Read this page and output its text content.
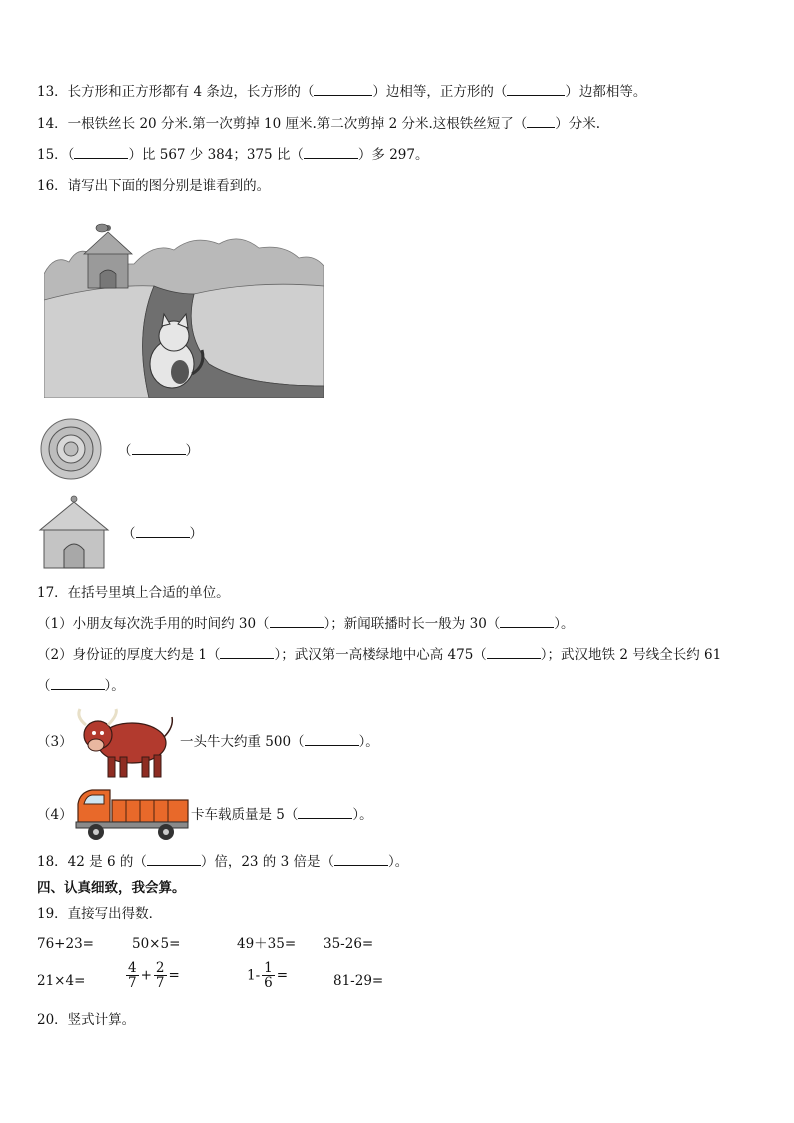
13．长方形和正方形都有 4 条边，长方形的（	）边相等，正方形的（	）边都相等。
14．一根铁丝长 20 分米.第一次剪掉 10 厘米.第二次剪掉 2 分米.这根铁丝短了（ ）分米.
15．（	）比 567 少 384；375 比（	）多 297。
16．请写出下面的图分别是谁看到的。
（	）
（	）
17．在括号里填上合适的单位。
（1）小朋友每次洗手用的时间约 30（	）；新闻联播时长一般为 30（	）。
（2）身份证的厚度大约是 1（	）；武汉第一高楼绿地中心高 475（	）；武汉地铁 2 号线全长约 61
（	）。
（3）	一头牛大约重 500（	）。
（4）	卡车载质量是 5（	）。
18．42 是 6 的（	）倍，23 的 3 倍是（	）。
四、认真细致，我会算。
19．直接写出得数．
76+23=	50×5=	49＋35= 35-26=
21×4=	$\frac{4}{7} + \frac{2}{7}$ =	$1- \frac{1}{6}$ =	81-29=
20．竖式计算。
